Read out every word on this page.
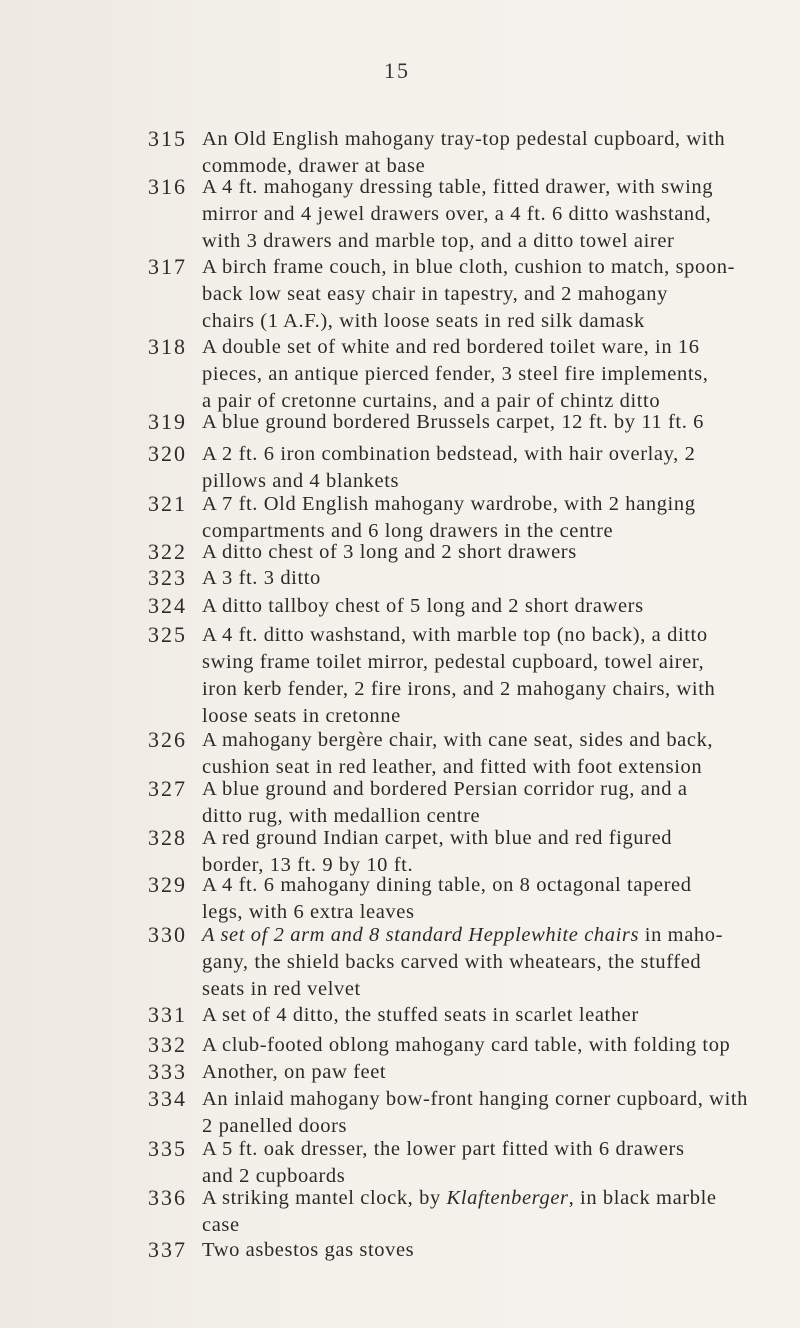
15
315 An Old English mahogany tray-top pedestal cupboard, with
commode, drawer at base
316 A 4 ft. mahogany dressing table, fitted drawer, with swing
mirror and 4 jewel drawers over, a 4 ft. 6 ditto washstand,
with 3 drawers and marble top, and a ditto towel airer
317 A birch frame couch, in blue cloth, cushion to match, spoon-
back low seat easy chair in tapestry, and 2 mahogany
chairs (1 A.F.), with loose seats in red silk damask
318 A double set of white and red bordered toilet ware, in 16
pieces, an antique pierced fender, 3 steel fire implements,
a pair of cretonne curtains, and a pair of chintz ditto
319 A blue ground bordered Brussels carpet, 12 ft. by 11 ft. 6
320 A 2 ft. 6 iron combination bedstead, with hair overlay, 2
pillows and 4 blankets
321 A 7 ft. Old English mahogany wardrobe, with 2 hanging
compartments and 6 long drawers in the centre
322 A ditto chest of 3 long and 2 short drawers
323 A 3 ft. 3 ditto
324 A ditto tallboy chest of 5 long and 2 short drawers
325 A 4 ft. ditto washstand, with marble top (no back), a ditto
swing frame toilet mirror, pedestal cupboard, towel airer,
iron kerb fender, 2 fire irons, and 2 mahogany chairs, with
loose seats in cretonne
326 A mahogany bergère chair, with cane seat, sides and back,
cushion seat in red leather, and fitted with foot extension
327 A blue ground and bordered Persian corridor rug, and a
ditto rug, with medallion centre
328 A red ground Indian carpet, with blue and red figured
border, 13 ft. 9 by 10 ft.
329 A 4 ft. 6 mahogany dining table, on 8 octagonal tapered
legs, with 6 extra leaves
330 A set of 2 arm and 8 standard Hepplewhite chairs in maho-
gany, the shield backs carved with wheatears, the stuffed
seats in red velvet
331 A set of 4 ditto, the stuffed seats in scarlet leather
332 A club-footed oblong mahogany card table, with folding top
333 Another, on paw feet
334 An inlaid mahogany bow-front hanging corner cupboard, with
2 panelled doors
335 A 5 ft. oak dresser, the lower part fitted with 6 drawers
and 2 cupboards
336 A striking mantel clock, by Klaftenberger, in black marble
case
337 Two asbestos gas stoves
